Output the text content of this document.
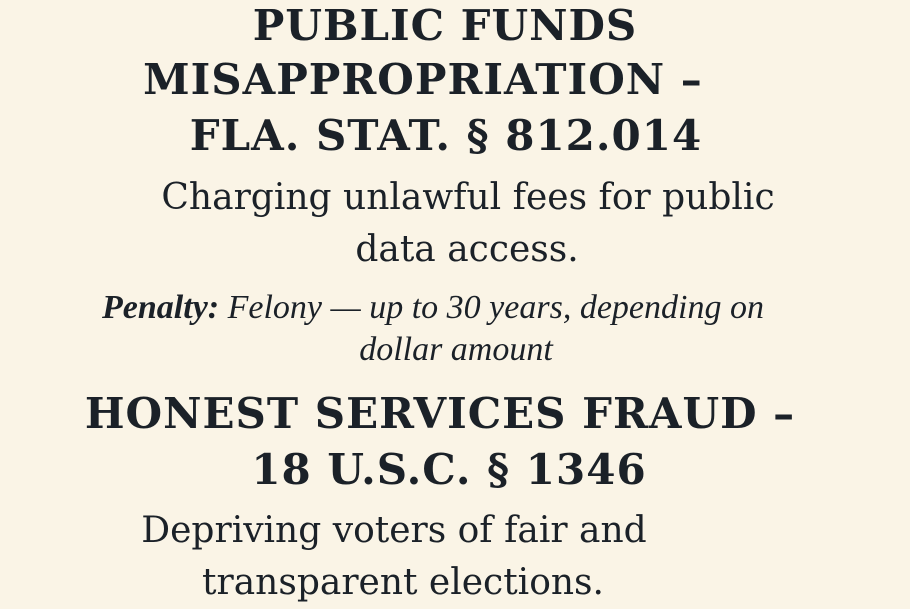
PUBLIC FUNDS
MISAPPROPRIATION –
FLA. STAT. § 812.014
Charging unlawful fees for public
data access.
Penalty: Felony — up to 30 years, depending on
dollar amount
HONEST SERVICES FRAUD –
18 U.S.C. § 1346
Depriving voters of fair and
transparent elections.
